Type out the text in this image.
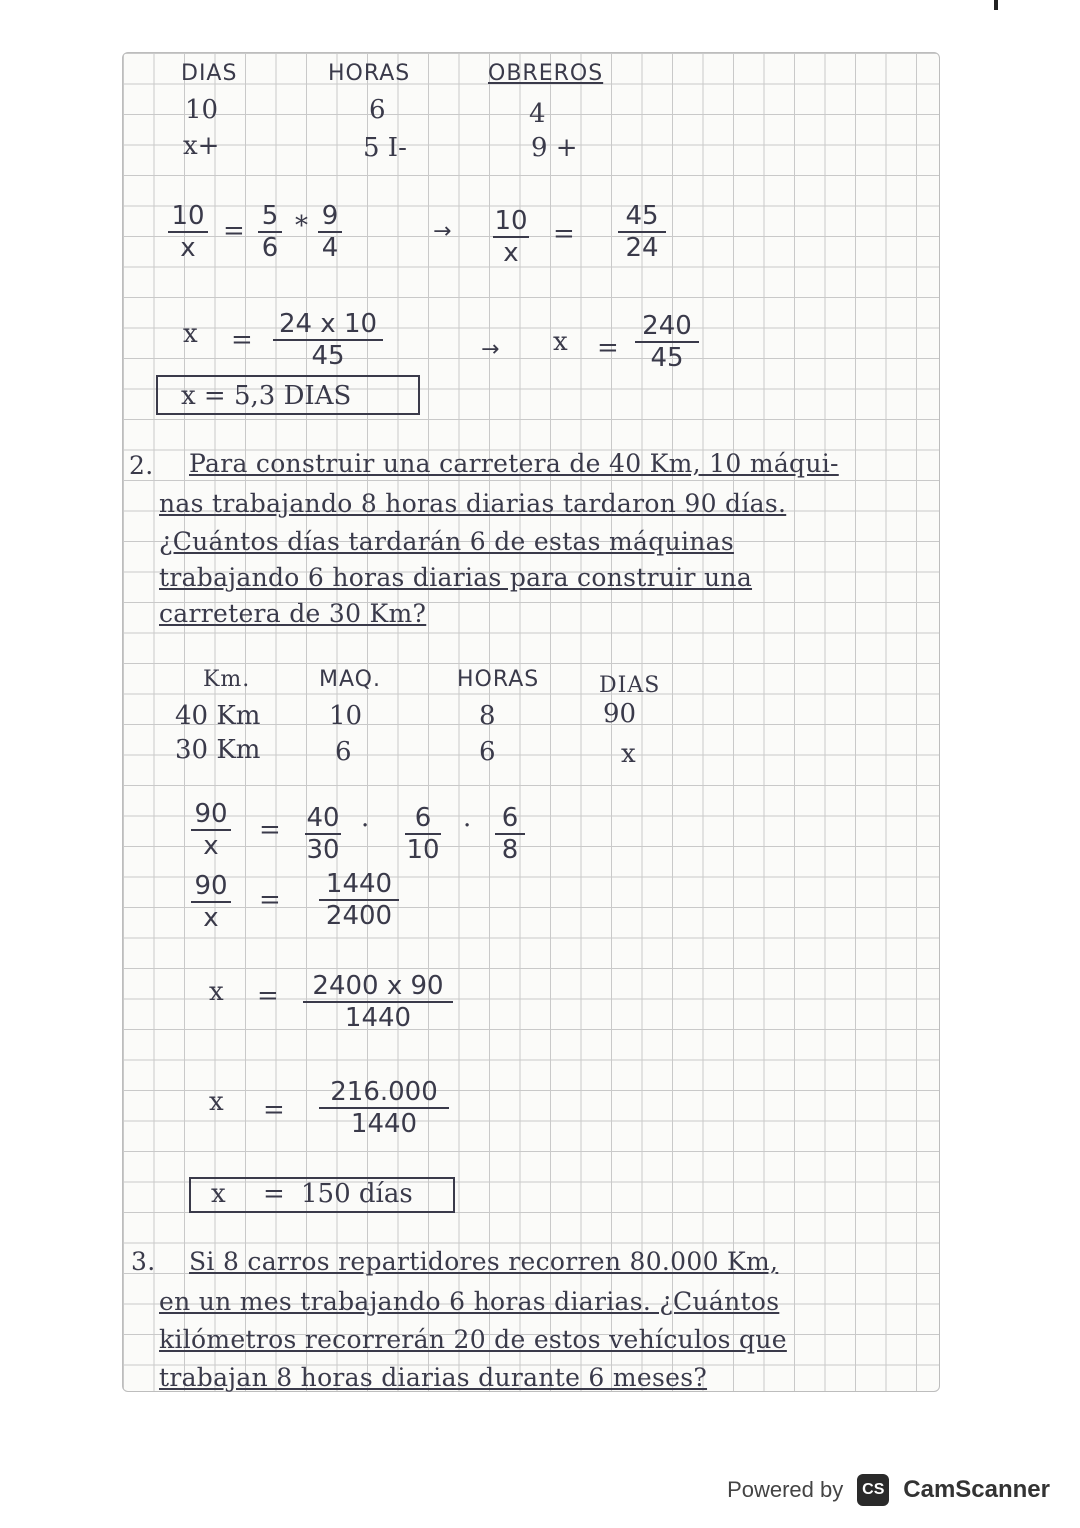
DIAS	HORAS	OBREROS
10	6	4
x+	5 I-	9 +
10
x
= 5
6
* 9
4
→ 10
x
=
45
24
x =
24 x 10
45	→ x =
240
45
x = 5,3 DIAS
2. Para construir una carretera de 40 Km, 10 máqui-
nas trabajando 8 horas diarias tardaron 90 días.
¿Cuántos días tardarán 6 de estas máquinas
trabajando 6 horas diarias para construir una
carretera de 30 Km?
Km.	MAQ.	HORAS	DIAS
40 Km	10	8	90
30 Km	6	6	x
90
x
= 40
30
· 6
10
· 6
8
90
x
=
1440
2400
x = 2400 x 90
1440
x =
216.000
1440
x = 150 días
3. Si 8 carros repartidores recorren 80.000 Km,
en un mes trabajando 6 horas diarias. ¿Cuántos
kilómetros recorrerán 20 de estos vehículos que
trabajan 8 horas diarias durante 6 meses?
Powered by	CS CamScanner
